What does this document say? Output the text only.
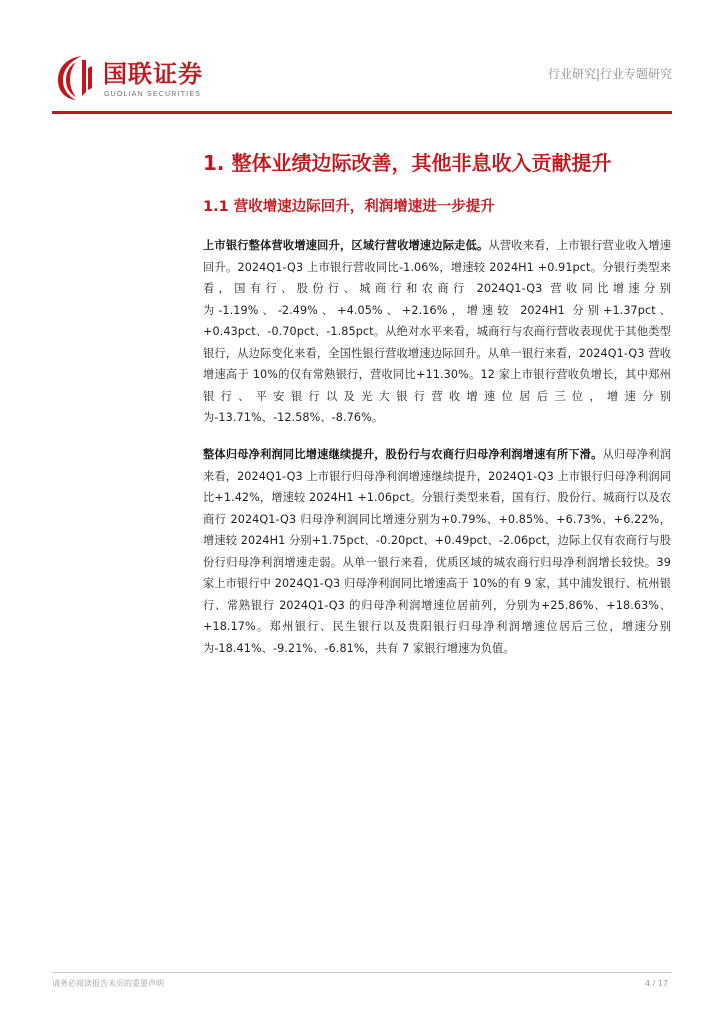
国联证券
GUOLIAN SECURITIES
行业研究|行业专题研究
1. 整体业绩边际改善，其他非息收入贡献提升
1.1 营收增速边际回升，利润增速进一步提升
上市银行整体营收增速回升，区域行营收增速边际走低。从营收来看，上市银行营业收入增速回升。2024Q1-Q3 上市银行营收同比-1.06%，增速较 2024H1 +0.91pct。分银行类型来看，国有行、股份行、城商行和农商行 2024Q1-Q3 营收同比增速分别为-1.19%、-2.49%、+4.05%、+2.16%，增速较 2024H1 分别+1.37pct、+0.43pct、-0.70pct、-1.85pct。从绝对水平来看，城商行与农商行营收表现优于其他类型银行，从边际变化来看，全国性银行营收增速边际回升。从单一银行来看，2024Q1-Q3 营收增速高于 10%的仅有常熟银行，营收同比+11.30%。12 家上市银行营收负增长，其中郑州银行、平安银行以及光大银行营收增速位居后三位，增速分别为-13.71%、-12.58%、-8.76%。
整体归母净利润同比增速继续提升，股份行与农商行归母净利润增速有所下滑。从归母净利润来看，2024Q1-Q3 上市银行归母净利润增速继续提升，2024Q1-Q3 上市银行归母净利润同比+1.42%，增速较 2024H1 +1.06pct。分银行类型来看，国有行、股份行、城商行以及农商行 2024Q1-Q3 归母净利润同比增速分别为+0.79%、+0.85%、+6.73%、+6.22%，增速较 2024H1 分别+1.75pct、-0.20pct、+0.49pct、-2.06pct，边际上仅有农商行与股份行归母净利润增速走弱。从单一银行来看，优质区域的城农商行归母净利润增长较快。39 家上市银行中 2024Q1-Q3 归母净利润同比增速高于 10%的有 9 家，其中浦发银行、杭州银行、常熟银行 2024Q1-Q3 的归母净利润增速位居前列，分别为+25.86%、+18.63%、+18.17%。郑州银行、民生银行以及贵阳银行归母净利润增速位居后三位，增速分别为-18.41%、-9.21%、-6.81%，共有 7 家银行增速为负值。
请务必阅读报告末页的重要声明	4 / 17
